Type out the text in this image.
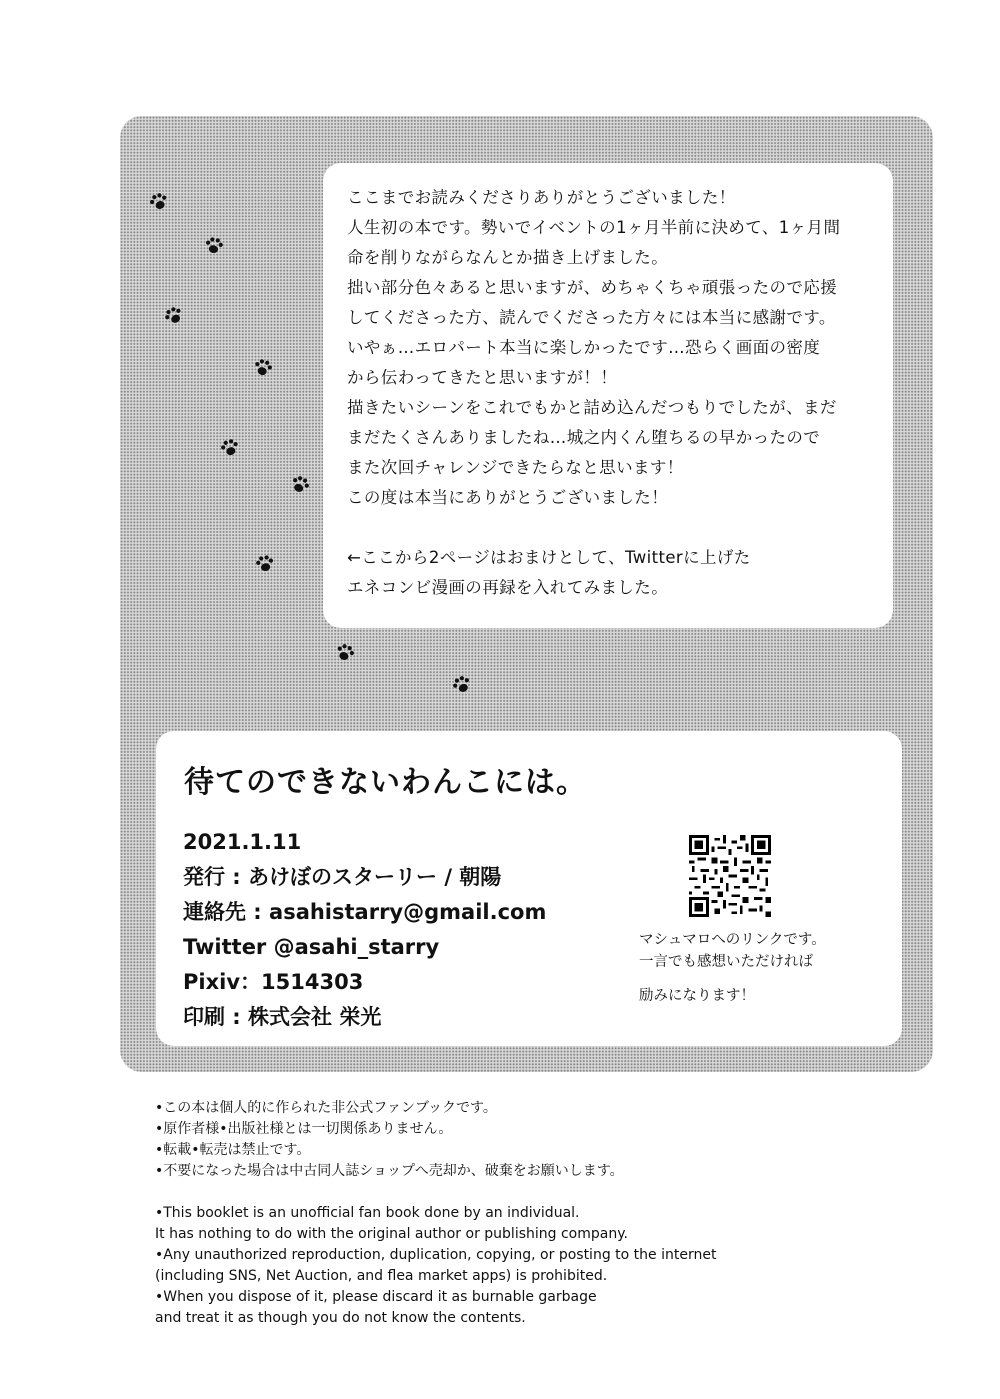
ここまでお読みくださりありがとうございました！
人生初の本です。勢いでイベントの1ヶ月半前に決めて、1ヶ月間
命を削りながらなんとか描き上げました。
拙い部分色々あると思いますが、めちゃくちゃ頑張ったので応援
してくださった方、読んでくださった方々には本当に感謝です。
いやぁ…エロパート本当に楽しかったです…恐らく画面の密度
から伝わってきたと思いますが！！
描きたいシーンをこれでもかと詰め込んだつもりでしたが、まだ
まだたくさんありましたね…城之内くん堕ちるの早かったので
また次回チャレンジできたらなと思います！
この度は本当にありがとうございました！
←ここから2ページはおまけとして、Twitterに上げた
エネコンビ漫画の再録を入れてみました。
待てのできないわんこには。
2021.1.11
発行 : あけぼのスターリー / 朝陽
連絡先 : asahistarry@gmail.com
Twitter @asahi_starry
Pixiv：1514303
印刷 : 株式会社 栄光
マシュマロへのリンクです。
一言でも感想いただければ
励みになります！
•この本は個人的に作られた非公式ファンブックです。
•原作者様•出版社様とは一切関係ありません。
•転載•転売は禁止です。
•不要になった場合は中古同人誌ショップへ売却か、破棄をお願いします。
•This booklet is an unofficial fan book done by an individual.
It has nothing to do with the original author or publishing company.
•Any unauthorized reproduction, duplication, copying, or posting to the internet
(including SNS, Net Auction, and flea market apps) is prohibited.
•When you dispose of it, please discard it as burnable garbage
and treat it as though you do not know the contents.
